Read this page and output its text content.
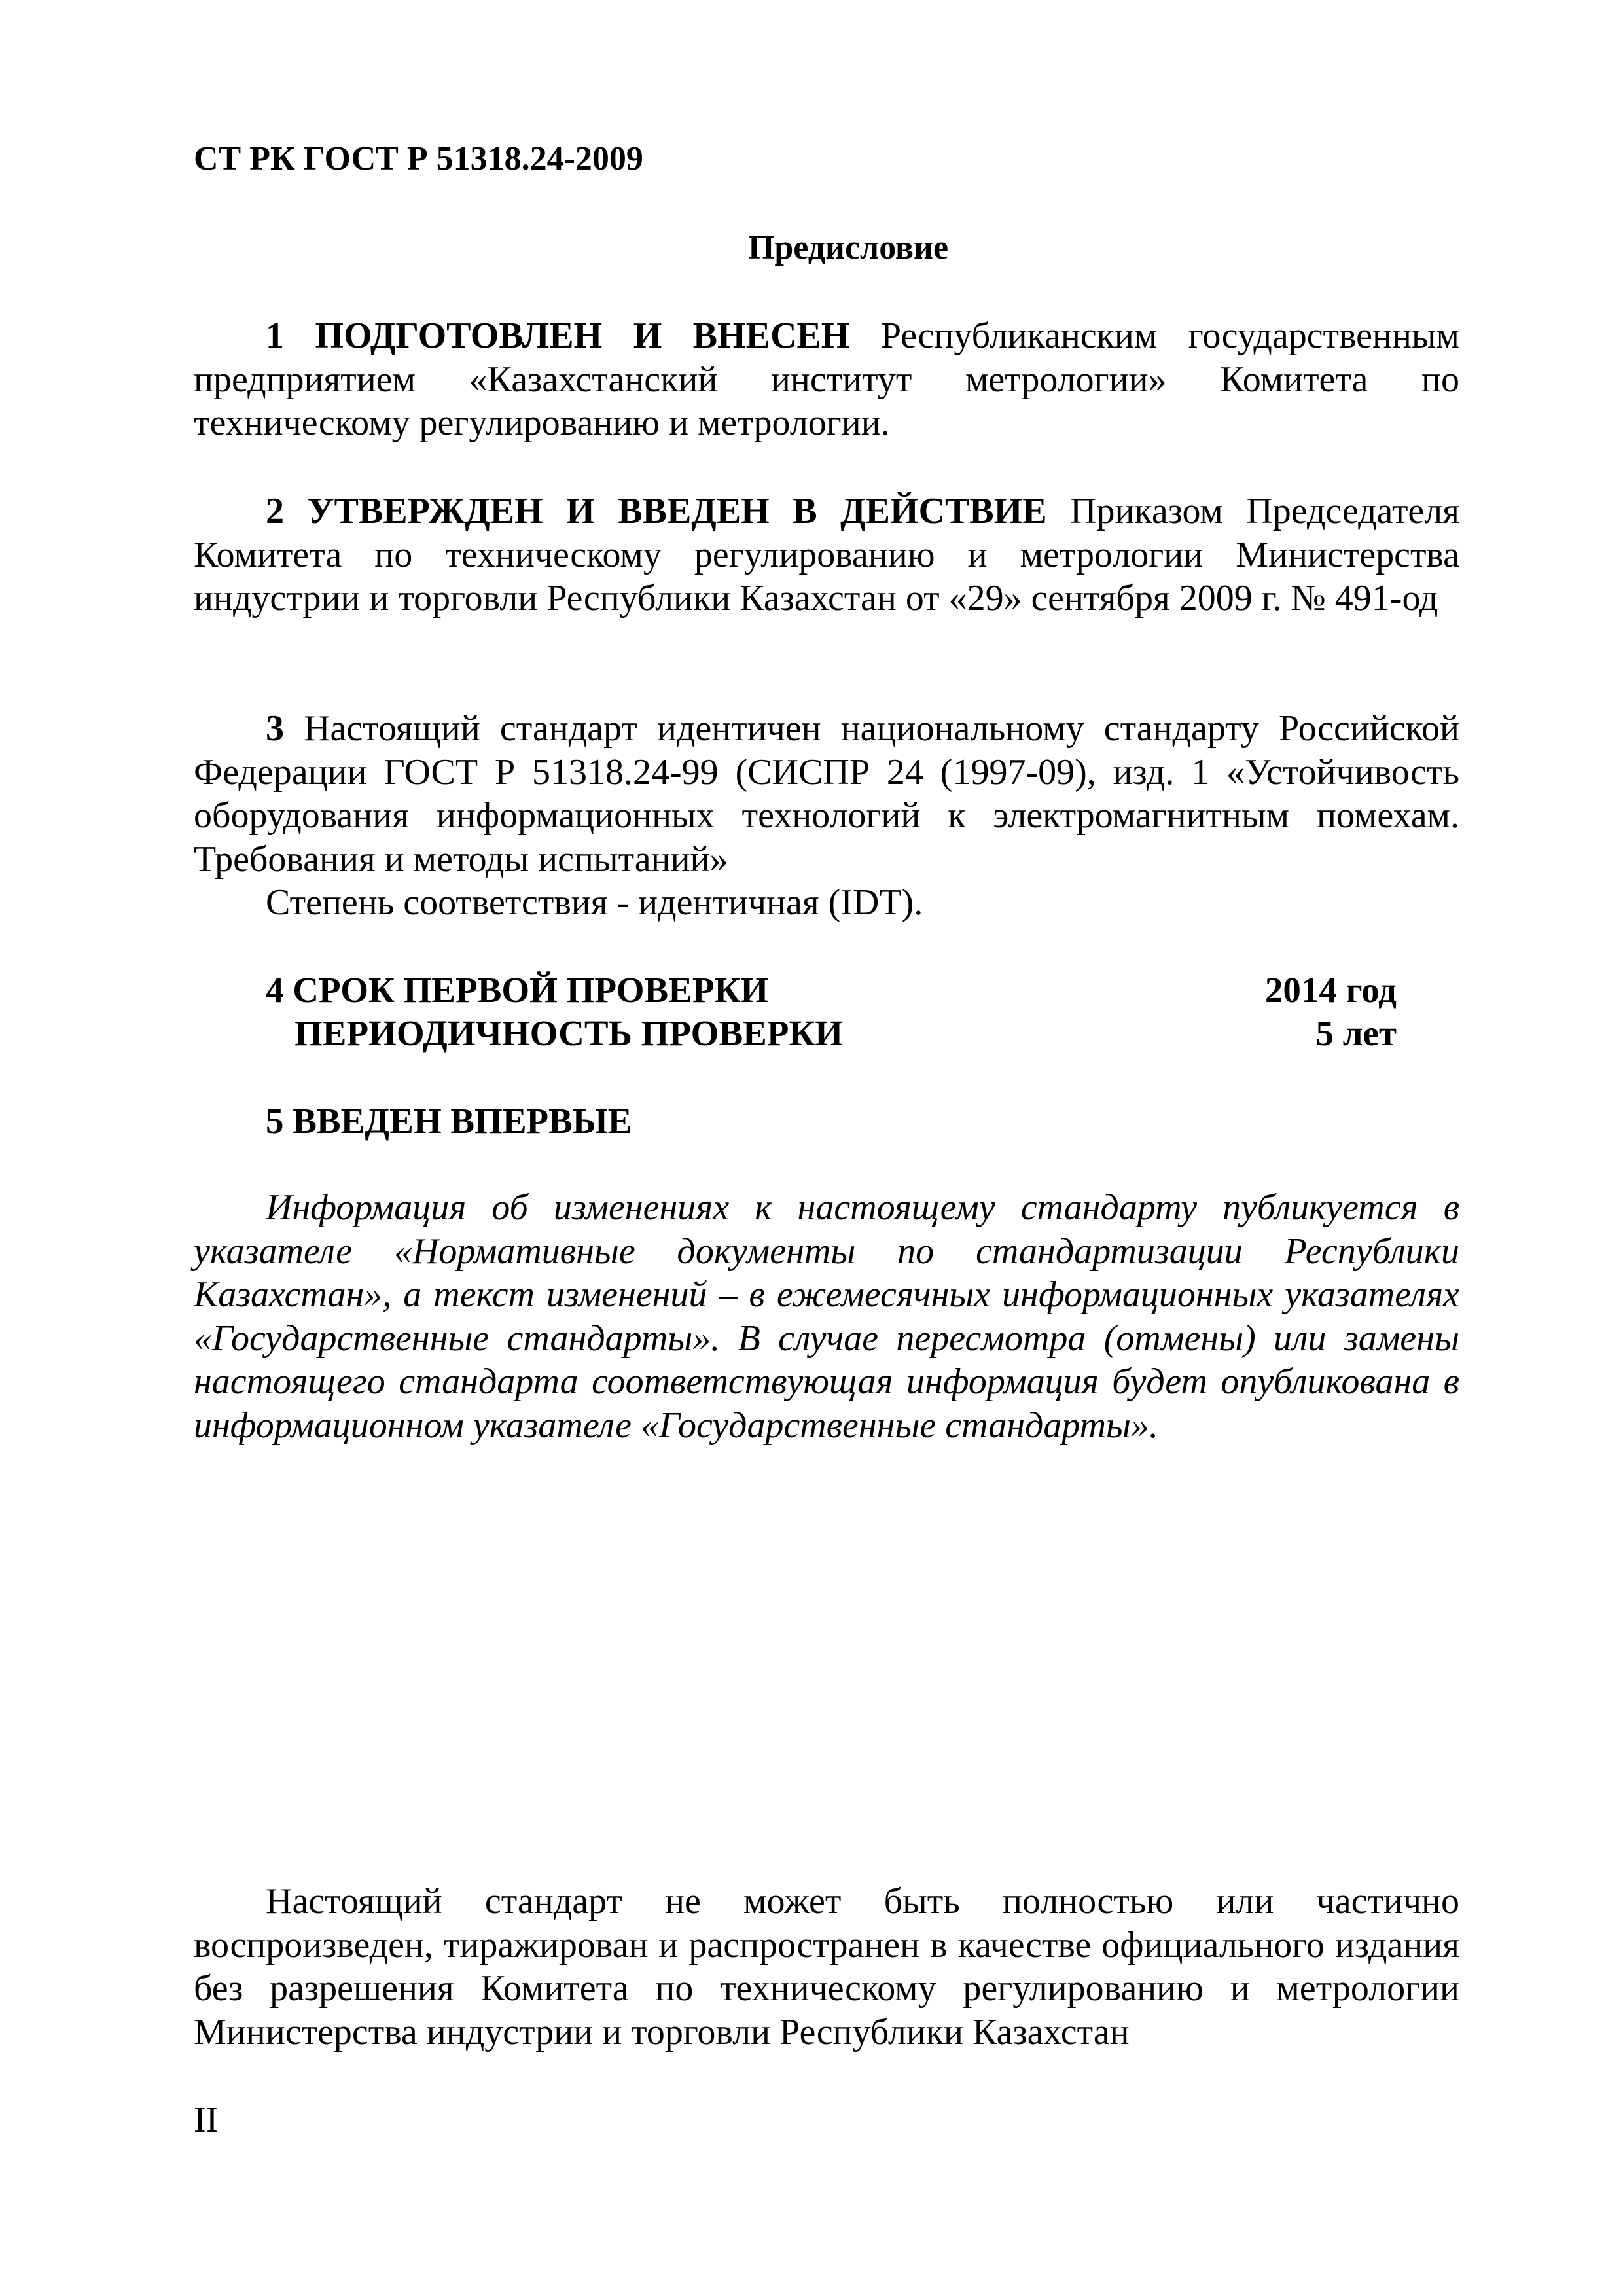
СТ РК ГОСТ Р 51318.24-2009
Предисловие

1 ПОДГОТОВЛЕН И ВНЕСЕН Республиканским государственным предприятием «Казахстанский институт метрологии» Комитета по техническому регулированию и метрологии.

2 УТВЕРЖДЕН И ВВЕДЕН В ДЕЙСТВИЕ Приказом Председателя Комитета по техническому регулированию и метрологии Министерства индустрии и торговли Республики Казахстан от «29» сентября 2009 г. № 491-од

3 Настоящий стандарт идентичен национальному стандарту Российской Федерации ГОСТ Р 51318.24-99 (СИСПР 24 (1997-09), изд. 1 «Устойчивость оборудования информационных технологий к электромагнитным помехам. Требования и методы испытаний»

Степень соответствия - идентичная (IDT).
4 СРОК ПЕРВОЙ ПРОВЕРКИ	2014 год
ПЕРИОДИЧНОСТЬ ПРОВЕРКИ	5 лет
5 ВВЕДЕН ВПЕРВЫЕ

Информация об изменениях к настоящему стандарту публикуется в указателе «Нормативные документы по стандартизации Республики Казахстан», а текст изменений – в ежемесячных информационных указателях «Государственные стандарты». В случае пересмотра (отмены) или замены настоящего стандарта соответствующая информация будет опубликована в информационном указателе «Государственные стандарты».

Настоящий стандарт не может быть полностью или частично воспроизведен, тиражирован и распространен в качестве официального издания без разрешения Комитета по техническому регулированию и метрологии Министерства индустрии и торговли Республики Казахстан

II
